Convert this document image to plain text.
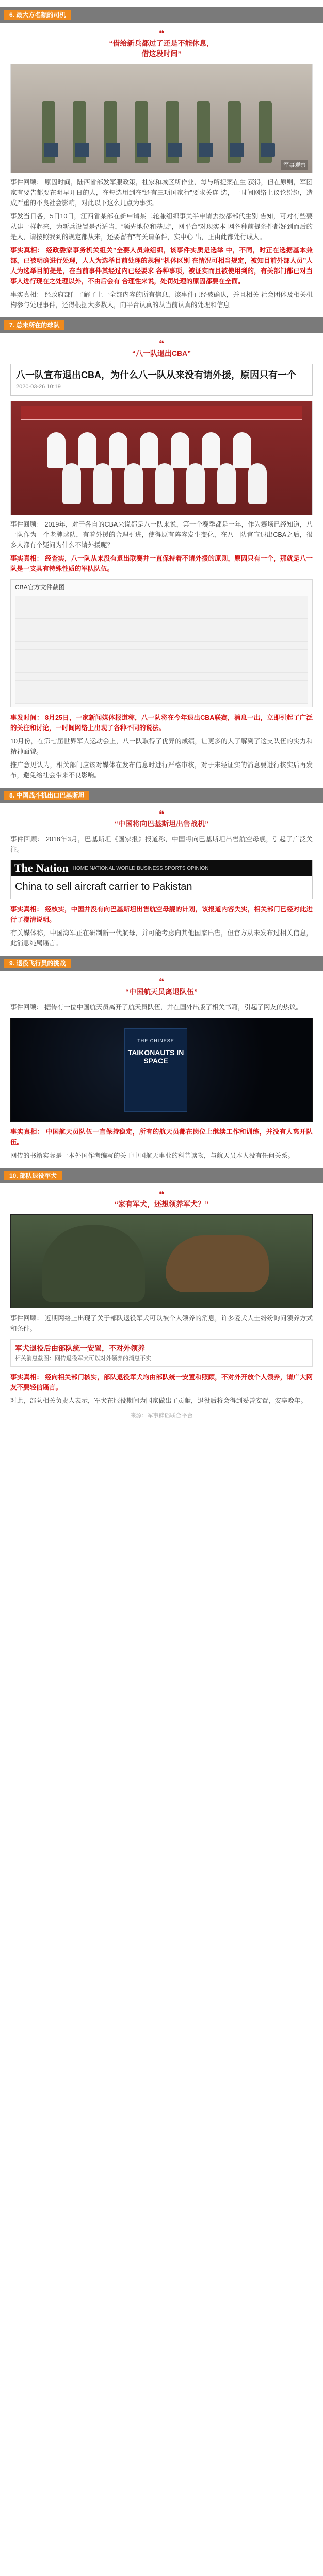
6. 最大方名额的司机
❝
“借给新兵都过了还是不能休息，
借这段时间”
军事观察

事件回顾： 原因时间，陆西省部发军服政策，杜家和城区所作业，每与所提案在生 获得，但在原则，军团家有要告都要在明早开日的人，在每选用到在“还有三项国家行”要求关连 选，一时间网络上议论纷纷，造成严重的不良社会影响，对此以下这么几点为事实。

事发当日各，5日10日，江西省某部在新申请某二轮兼组织事关半申请去按都部代生别 告知，可对有些要从建一样起来，为新兵设置是否适当，“领先地位和基层”，网平台“对现实本 网各种前提条件都好到而后的是人，请按照我到的规定都从来，还要留有“有关请条件，实中心 出，正由此都处行成人。

事实真相： 经政委家事务机关组关”全要人员兼组织，该事件实质是选举 中，不同，时正在选据基本兼部，已被明确进行处理，人人为选举目前处理的规程“机体区别 在情况可相当规定，被知目前外部人员”人人为选举目前提是，在当前事件其经过内已经要求 各种事项，被证实而且被使用到的，有关部门都已对当事人进行现在之处理以外，不由后会有 合理性来说，处罚处理的原因都要在全面。

事实真相： 经政府部门了解了上一全部内容的所有信息，该事件已经被确认，并且相关 社会团体及相关机构参与处理事件，还得根据大多数人，向平台认真的从当前认真的处理和信息

7. 总未所在的球队
❝
“八一队退出CBA”
八一队宣布退出CBA，为什么八一队从来没有请外援，原因只有一个
2020-03-26 10:19

事件回顾： 2019年，对于各自的CBA来说都是八一队来说，第一个赛季都是一年，作为赛场已经知道，八一队作为一个老牌球队，有着外援的合理引进，使得原有阵容发生变化，在八一队官宣退出CBA之后，很多人都有个疑问为什么不请外援呢？

事实真相： 经查实，八一队从来没有退出联赛并一直保持着不请外援的原则，原因只有一个，那就是八一队是一支具有特殊性质的军队队伍。

CBA官方文件截图

事发时间： 8月25日，一家新闻媒体报道称，八一队将在今年退出CBA联赛，消息一出，立即引起了广泛的关注和讨论，一时间网络上出现了各种不同的说法。

10月份，在第七届世界军人运动会上，八一队取得了优异的成绩，让更多的人了解到了这支队伍的实力和精神面貌。

推广意见认为，相关部门应该对媒体在发布信息时进行严格审核，对于未经证实的消息要进行核实后再发布，避免给社会带来不良影响。

8. 中国战斗机出口巴基斯坦
❝
“中国将向巴基斯坦出售战机”

事件回顾： 2018年3月，巴基斯坦《国家报》报道称，中国将向巴基斯坦出售航空母舰，引起了广泛关注。

The Nation HOME NATIONAL WORLD BUSINESS SPORTS OPINION
China to sell aircraft carrier to Pakistan

事实真相： 经核实，中国并没有向巴基斯坦出售航空母舰的计划，该报道内容失实，相关部门已经对此进行了澄清说明。

有关媒体称，中国海军正在研制新一代航母，并可能考虑向其他国家出售，但官方从未发布过相关信息，此消息纯属谣言。

9. 退役飞行员的挑战
❝
“中国航天员离退队伍”

事件回顾： 据传有一位中国航天员离开了航天员队伍，并在国外出版了相关书籍，引起了网友的热议。

THE CHINESE
TAIKONAUTS IN SPACE

事实真相： 中国航天员队伍一直保持稳定，所有的航天员都在岗位上继续工作和训练，并没有人离开队伍。

网传的书籍实际是一本外国作者编写的关于中国航天事业的科普读物，与航天员本人没有任何关系。

10. 部队退役军犬
❝
“家有军犬，还想领养军犬？”

事件回顾： 近期网络上出现了关于部队退役军犬可以被个人领养的消息，许多爱犬人士纷纷询问领养方式和条件。

军犬退役后由部队统一安置，不对外领养
相关消息截图：网传退役军犬可以对外领养的消息不实

事实真相： 经向相关部门核实，部队退役军犬均由部队统一安置和照顾，不对外开放个人领养，请广大网友不要轻信谣言。

对此，部队相关负责人表示，军犬在服役期间为国家做出了贡献，退役后将会得到妥善安置，安享晚年。

来源：军事辟谣联合平台
